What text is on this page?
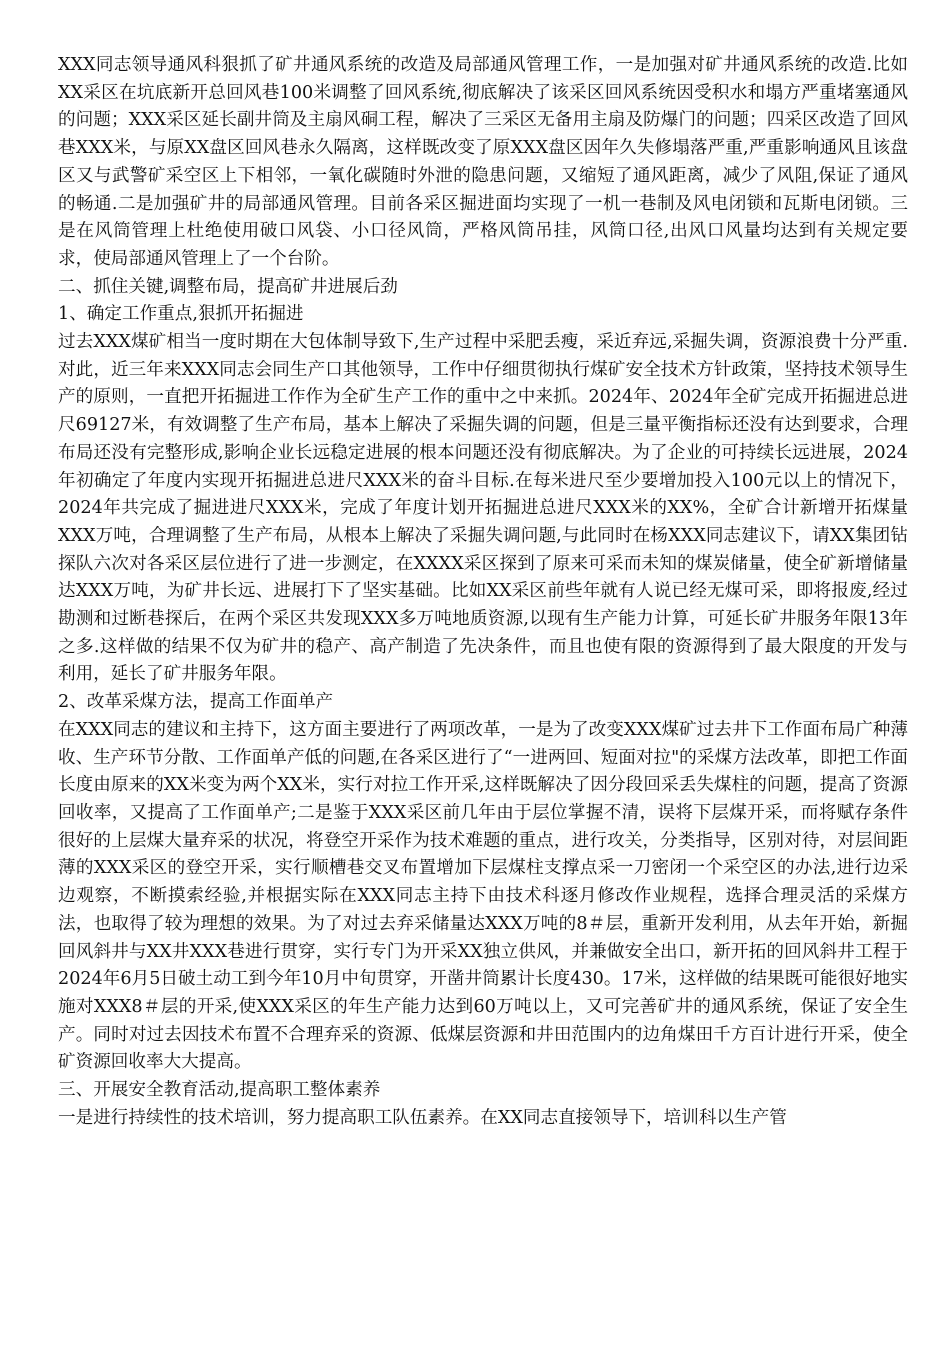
XXX同志领导通风科狠抓了矿井通风系统的改造及局部通风管理工作，一是加强对矿井通风系统的改造.比如XX采区在坑底新开总回风巷100米调整了回风系统,彻底解决了该采区回风系统因受积水和塌方严重堵塞通风的问题；XXX采区延长副井筒及主扇风硐工程，解决了三采区无备用主扇及防爆门的问题；四采区改造了回风巷XXX米，与原XX盘区回风巷永久隔离，这样既改变了原XXX盘区因年久失修塌落严重,严重影响通风且该盘区又与武警矿采空区上下相邻，一氧化碳随时外泄的隐患问题，又缩短了通风距离，减少了风阻,保证了通风的畅通.二是加强矿井的局部通风管理。目前各采区掘进面均实现了一机一巷制及风电闭锁和瓦斯电闭锁。三是在风筒管理上杜绝使用破口风袋、小口径风筒，严格风筒吊挂，风筒口径,出风口风量均达到有关规定要求，使局部通风管理上了一个台阶。

二、抓住关键,调整布局，提高矿井进展后劲

1、确定工作重点,狠抓开拓掘进

过去XXX煤矿相当一度时期在大包体制导致下,生产过程中采肥丢瘦，采近弃远,采掘失调，资源浪费十分严重.对此，近三年来XXX同志会同生产口其他领导，工作中仔细贯彻执行煤矿安全技术方针政策，坚持技术领导生产的原则，一直把开拓掘进工作作为全矿生产工作的重中之中来抓。2024年、2024年全矿完成开拓掘进总进尺69127米，有效调整了生产布局，基本上解决了采掘失调的问题，但是三量平衡指标还没有达到要求，合理布局还没有完整形成,影响企业长远稳定进展的根本问题还没有彻底解决。为了企业的可持续长远进展，2024年初确定了年度内实现开拓掘进总进尺XXX米的奋斗目标.在每米进尺至少要增加投入100元以上的情况下，2024年共完成了掘进进尺XXX米，完成了年度计划开拓掘进总进尺XXX米的XX%，全矿合计新增开拓煤量XXX万吨，合理调整了生产布局，从根本上解决了采掘失调问题,与此同时在杨XXX同志建议下，请XX集团钻探队六次对各采区层位进行了进一步测定，在XXXX采区探到了原来可采而未知的煤炭储量，使全矿新增储量达XXX万吨，为矿井长远、进展打下了坚实基础。比如XX采区前些年就有人说已经无煤可采，即将报废,经过勘测和过断巷探后，在两个采区共发现XXX多万吨地质资源,以现有生产能力计算，可延长矿井服务年限13年之多.这样做的结果不仅为矿井的稳产、高产制造了先决条件，而且也使有限的资源得到了最大限度的开发与利用，延长了矿井服务年限。

2、改革采煤方法，提高工作面单产

在XXX同志的建议和主持下，这方面主要进行了两项改革，一是为了改变XXX煤矿过去井下工作面布局广种薄收、生产环节分散、工作面单产低的问题,在各采区进行了“一进两回、短面对拉"的采煤方法改革，即把工作面长度由原来的XX米变为两个XX米，实行对拉工作开采,这样既解决了因分段回采丢失煤柱的问题，提高了资源回收率，又提高了工作面单产;二是鉴于XXX采区前几年由于层位掌握不清，误将下层煤开采，而将赋存条件很好的上层煤大量弃采的状况，将登空开采作为技术难题的重点，进行攻关，分类指导，区别对待，对层间距薄的XXX采区的登空开采，实行顺槽巷交叉布置增加下层煤柱支撑点采一刀密闭一个采空区的办法,进行边采边观察，不断摸索经验,并根据实际在XXX同志主持下由技术科逐月修改作业规程，选择合理灵活的采煤方法，也取得了较为理想的效果。为了对过去弃采储量达XXX万吨的8＃层，重新开发利用，从去年开始，新掘回风斜井与XX井XXX巷进行贯穿，实行专门为开采XX独立供风，并兼做安全出口，新开拓的回风斜井工程于2024年6月5日破土动工到今年10月中旬贯穿，开凿井筒累计长度430。17米，这样做的结果既可能很好地实施对XXX8＃层的开采,使XXX采区的年生产能力达到60万吨以上，又可完善矿井的通风系统，保证了安全生产。同时对过去因技术布置不合理弃采的资源、低煤层资源和井田范围内的边角煤田千方百计进行开采，使全矿资源回收率大大提高。

三、开展安全教育活动,提高职工整体素养

一是进行持续性的技术培训，努力提高职工队伍素养。在XX同志直接领导下，培训科以生产管
